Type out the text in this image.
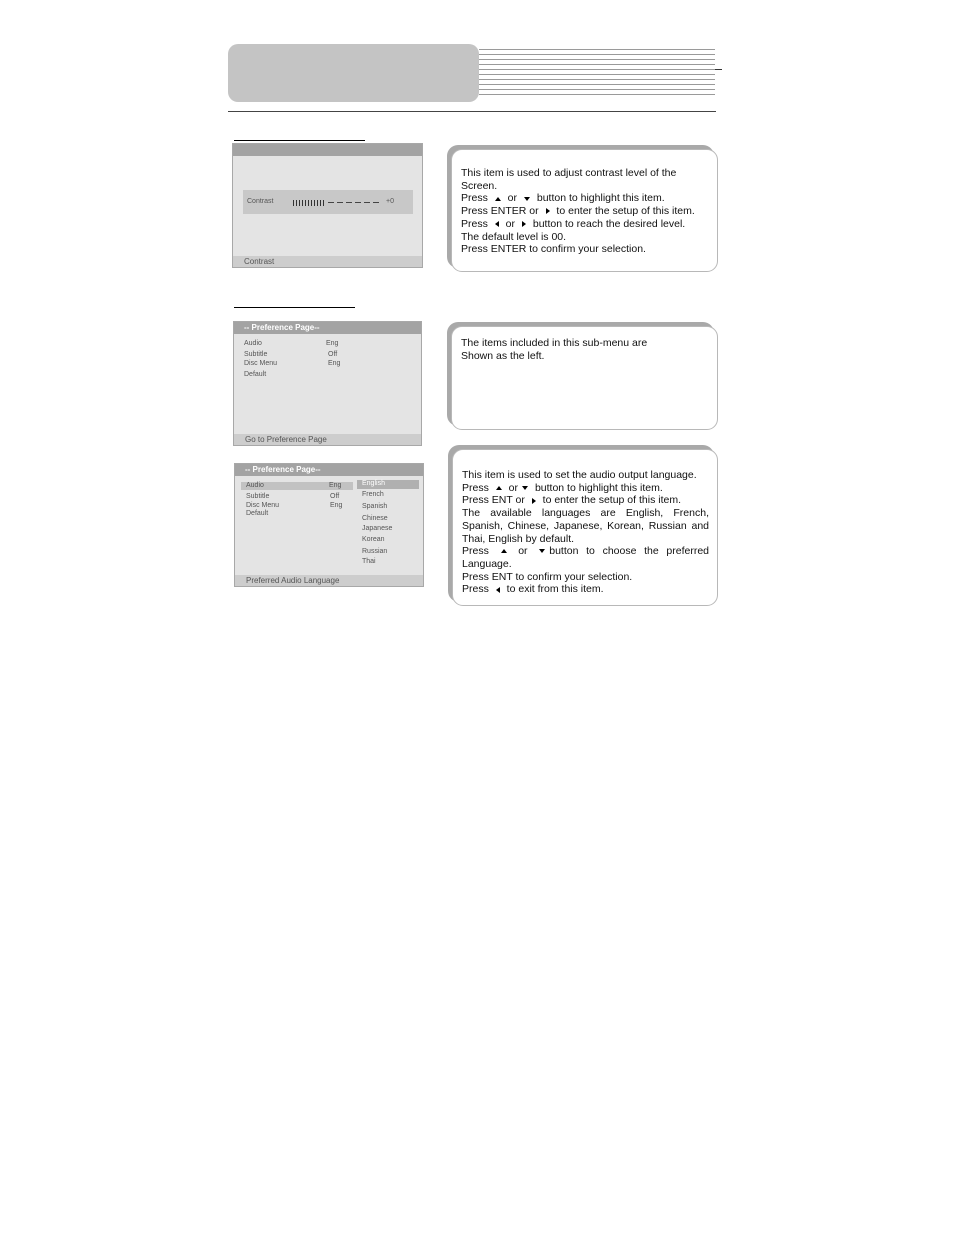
Contrast	+0
Contrast

This item is used to adjust contrast level of the Screen.

Press  or  button to highlight this item.

Press ENTER or  to enter the setup of this item.

Press  or  button to reach the desired level.

The default level is 00.

Press ENTER to confirm your selection.

-- Preference Page--
Audio	Eng
Subtitle	Off
Disc Menu	Eng
Default
Go to Preference Page

The items included in this sub-menu are

Shown as the left.

-- Preference Page--
Audio	Eng
Subtitle	Off
Disc Menu	Eng
Default
English
French
Spanish
Chinese
Japanese
Korean
Russian
Thai
Preferred Audio Language

This item is used to set the audio output language.

Press  or button to highlight this item.

Press ENT or  to enter the setup of this item.

The available languages are English, French, Spanish, Chinese, Japanese, Korean, Russian and Thai, English by default.

Press  or button to choose the preferred Language.

Press ENT to confirm your selection.

Press  to exit from this item.
